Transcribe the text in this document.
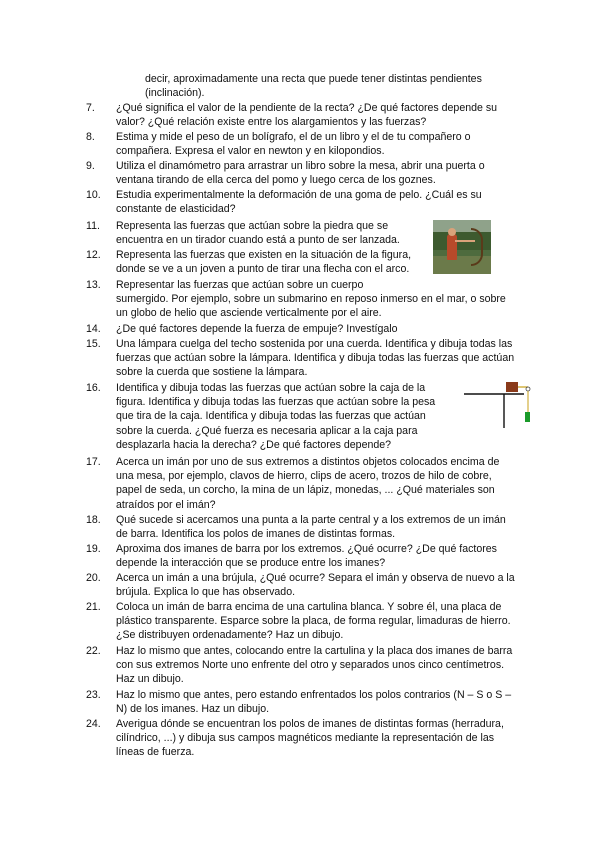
decir, aproximadamente una recta que puede tener distintas pendientes
(inclinación).
7.	¿Qué significa el valor de la pendiente de la recta? ¿De qué factores depende su
valor? ¿Qué relación existe entre los alargamientos y las fuerzas?
8.	Estima y mide el peso de un bolígrafo, el de un libro y el de tu compañero o
compañera. Expresa el valor en newton y en kilopondios.
9.	Utiliza el dinamómetro para arrastrar un libro sobre la mesa, abrir una puerta o
ventana tirando de ella cerca del pomo y luego cerca de los goznes.
10.	Estudia experimentalmente la deformación de una goma de pelo. ¿Cuál es su
constante de elasticidad?
11.	Representa las fuerzas que actúan sobre la piedra que se
encuentra en un tirador cuando está a punto de ser lanzada.
12.	Representa las fuerzas que existen en la situación de la figura,
donde se ve a un joven a punto de tirar una flecha con el arco.
13.	Representar las fuerzas que actúan sobre un cuerpo
sumergido. Por ejemplo, sobre un submarino en reposo inmerso en el mar, o sobre
un globo de helio que asciende verticalmente por el aire.
14.	¿De qué factores depende la fuerza de empuje? Investígalo
15.	Una lámpara cuelga del techo sostenida por una cuerda. Identifica y dibuja todas las
fuerzas que actúan sobre la lámpara. Identifica y dibuja todas las fuerzas que actúan
sobre la cuerda que sostiene la lámpara.
16.	Identifica y dibuja todas las fuerzas que actúan sobre la caja de la
figura. Identifica y dibuja todas las fuerzas que actúan sobre la pesa
que tira de la caja. Identifica y dibuja todas las fuerzas que actúan
sobre la cuerda. ¿Qué fuerza es necesaria aplicar a la caja para
desplazarla hacia la derecha? ¿De qué factores depende?
17.	Acerca un imán por uno de sus extremos a distintos objetos colocados encima de
una mesa, por ejemplo, clavos de hierro, clips de acero, trozos de hilo de cobre,
papel de seda, un corcho, la mina de un lápiz, monedas, ... ¿Qué materiales son
atraídos por el imán?
18.	Qué sucede si acercamos una punta a la parte central y a los extremos de un imán
de barra. Identifica los polos de imanes de distintas formas.
19.	Aproxima dos imanes de barra por los extremos. ¿Qué ocurre? ¿De qué factores
depende la interacción que se produce entre los imanes?
20.	Acerca un imán a una brújula, ¿Qué ocurre? Separa el imán y observa de nuevo a la
brújula. Explica lo que has observado.
21.	Coloca un imán de barra encima de una cartulina blanca. Y sobre él, una placa de
plástico transparente. Esparce sobre la placa, de forma regular, limaduras de hierro.
¿Se distribuyen ordenadamente? Haz un dibujo.
22.	Haz lo mismo que antes, colocando entre la cartulina y la placa dos imanes de barra
con sus extremos Norte uno enfrente del otro y separados unos cinco centímetros.
Haz un dibujo.
23.	Haz lo mismo que antes, pero estando enfrentados los polos contrarios (N – S o S –
N) de los imanes. Haz un dibujo.
24.	Averigua dónde se encuentran los polos de imanes de distintas formas (herradura,
cilíndrico, ...) y dibuja sus campos magnéticos mediante la representación de las
líneas de fuerza.
